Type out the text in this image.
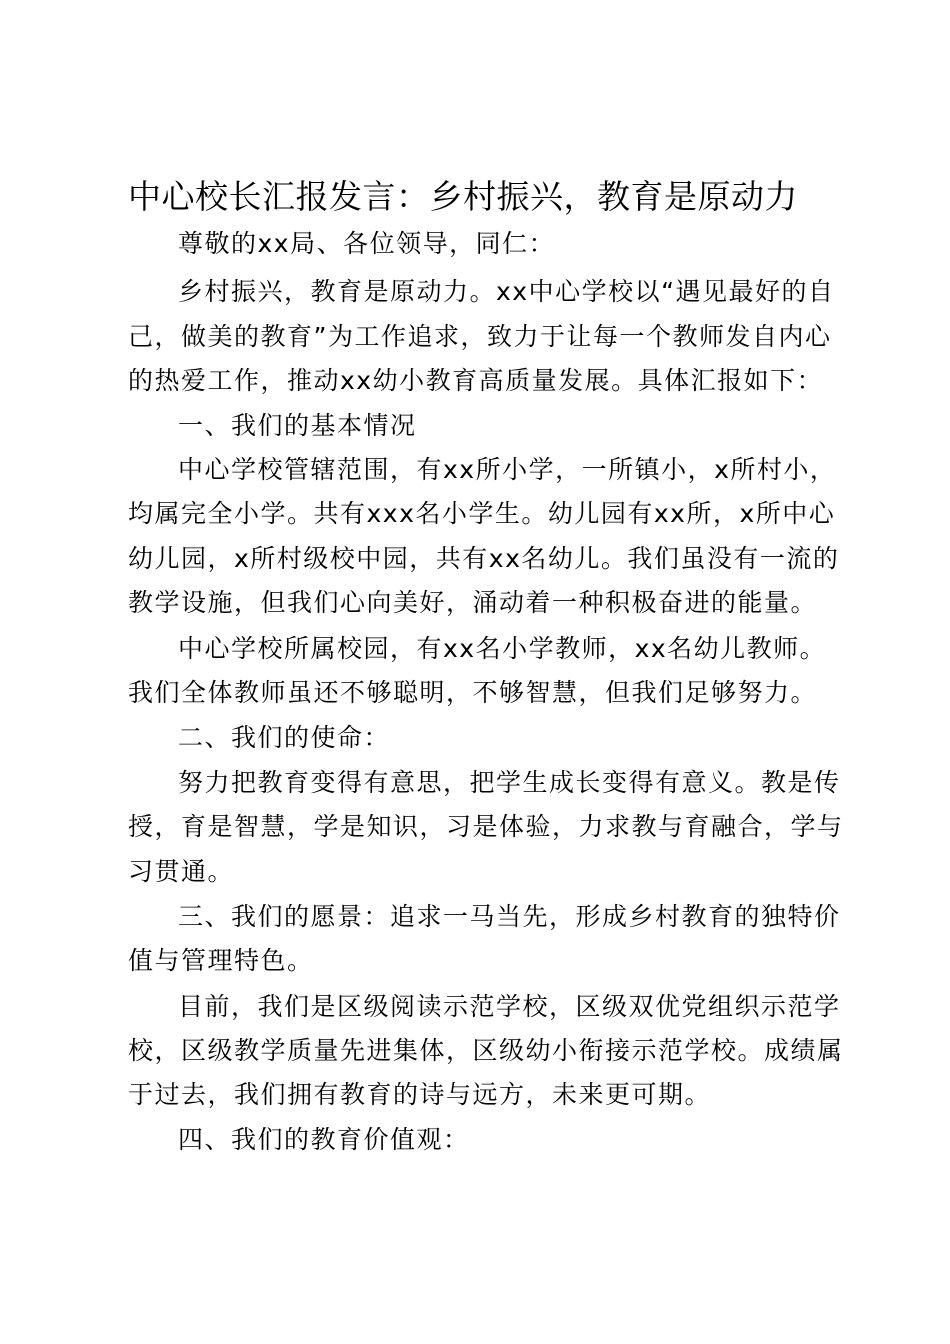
中心校长汇报发言：乡村振兴，教育是原动力
尊敬的xx局、各位领导，同仁：
乡村振兴，教育是原动力。xx中心学校以“遇见最好的自
己，做美的教育”为工作追求，致力于让每一个教师发自内心
的热爱工作，推动xx幼小教育高质量发展。具体汇报如下：
一、我们的基本情况
中心学校管辖范围，有xx所小学，一所镇小，x所村小，
均属完全小学。共有xxx名小学生。幼儿园有xx所，x所中心
幼儿园，x所村级校中园，共有xx名幼儿。我们虽没有一流的
教学设施，但我们心向美好，涌动着一种积极奋进的能量。
中心学校所属校园，有xx名小学教师，xx名幼儿教师。
我们全体教师虽还不够聪明，不够智慧，但我们足够努力。
二、我们的使命：
努力把教育变得有意思，把学生成长变得有意义。教是传
授，育是智慧，学是知识，习是体验，力求教与育融合，学与
习贯通。
三、我们的愿景：追求一马当先，形成乡村教育的独特价
值与管理特色。
目前，我们是区级阅读示范学校，区级双优党组织示范学
校，区级教学质量先进集体，区级幼小衔接示范学校。成绩属
于过去，我们拥有教育的诗与远方，未来更可期。
四、我们的教育价值观：
